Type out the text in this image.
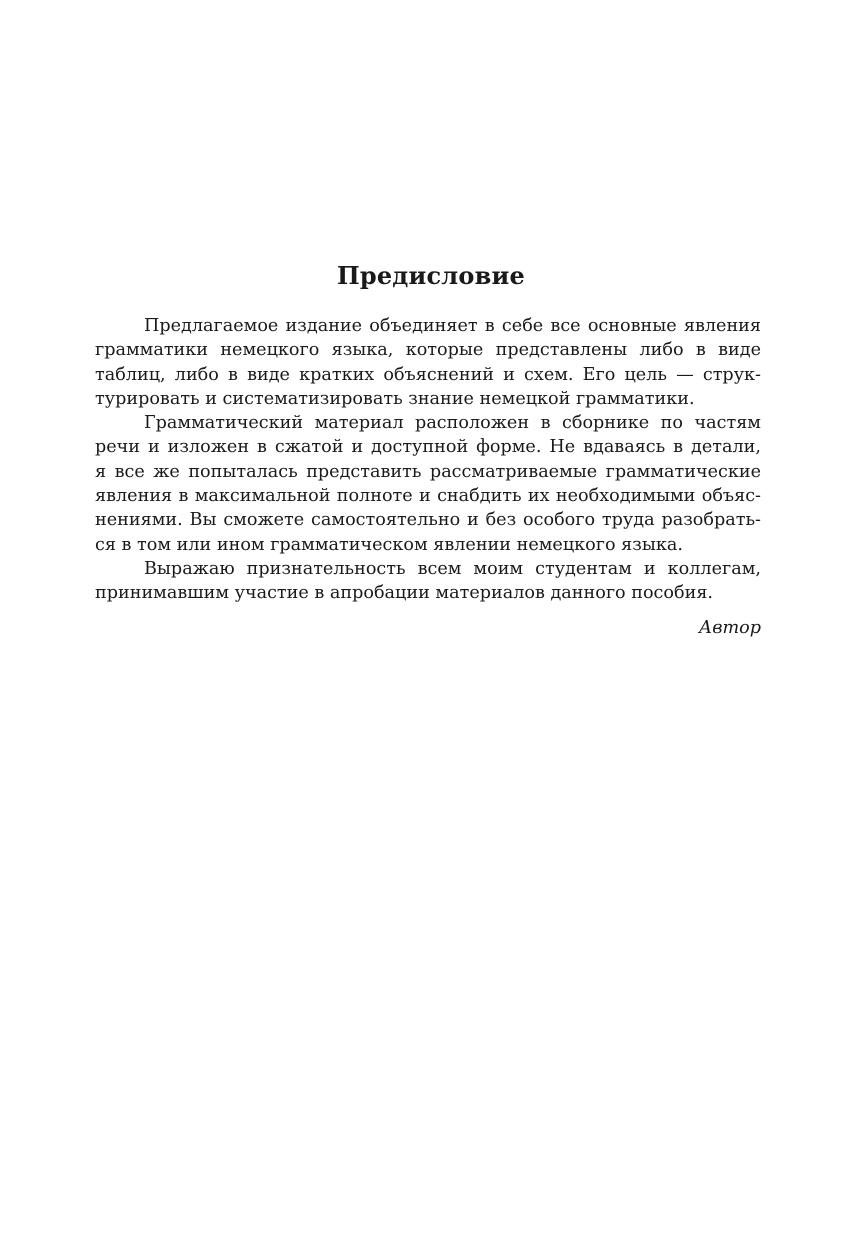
Предисловие

Предлагаемое издание объединяет в себе все основные явления
грамматики немецкого языка, которые представлены либо в виде
таблиц, либо в виде кратких объяснений и схем. Его цель — струк-
турировать и систематизировать знание немецкой грамматики.

Грамматический материал расположен в сборнике по частям
речи и изложен в сжатой и доступной форме. Не вдаваясь в детали,
я все же попыталась представить рассматриваемые грамматические
явления в максимальной полноте и снабдить их необходимыми объяс-
нениями. Вы сможете самостоятельно и без особого труда разобрать-
ся в том или ином грамматическом явлении немецкого языка.

Выражаю признательность всем моим студентам и коллегам,
принимавшим участие в апробации материалов данного пособия.

Автор
